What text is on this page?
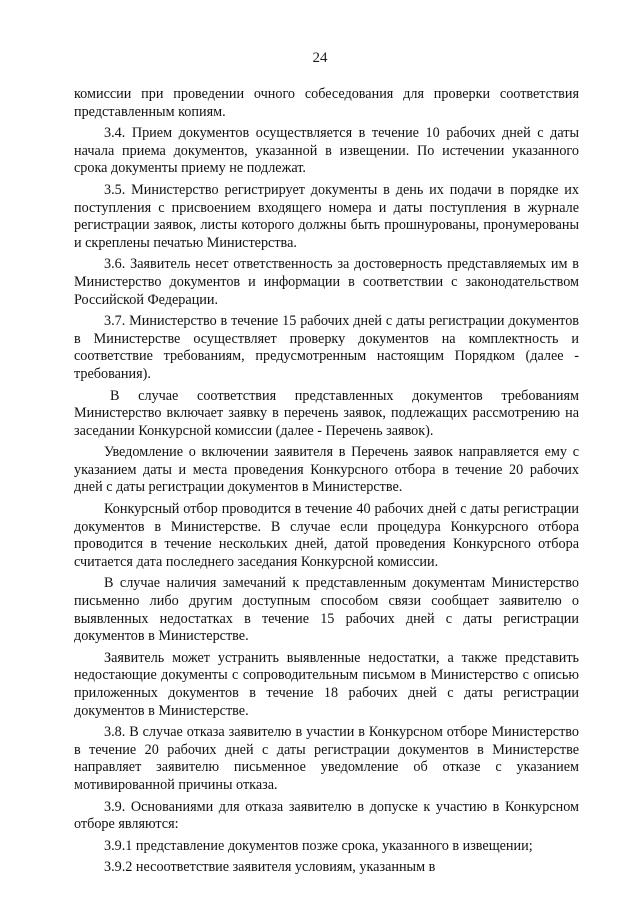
24

комиссии при проведении очного собеседования для проверки соответствия представленным копиям.

3.4. Прием документов осуществляется в течение 10 рабочих дней с даты начала приема документов, указанной в извещении. По истечении указанного срока документы приему не подлежат.

3.5. Министерство регистрирует документы в день их подачи в порядке их поступления с присвоением входящего номера и даты поступления в журнале регистрации заявок, листы которого должны быть прошнурованы, пронумерованы и скреплены печатью Министерства.

3.6. Заявитель несет ответственность за достоверность представляемых им в Министерство документов и информации в соответствии с законодательством Российской Федерации.

3.7. Министерство в течение 15 рабочих дней с даты регистрации документов в Министерстве осуществляет проверку документов на комплектность и соответствие требованиям, предусмотренным настоящим Порядком (далее - требования).

В случае соответствия представленных документов требованиям Министерство включает заявку в перечень заявок, подлежащих рассмотрению на заседании Конкурсной комиссии (далее - Перечень заявок).

Уведомление о включении заявителя в Перечень заявок направляется ему с указанием даты и места проведения Конкурсного отбора в течение 20 рабочих дней с даты регистрации документов в Министерстве.

Конкурсный отбор проводится в течение 40 рабочих дней с даты регистрации документов в Министерстве. В случае если процедура Конкурсного отбора проводится в течение нескольких дней, датой проведения Конкурсного отбора считается дата последнего заседания Конкурсной комиссии.

В случае наличия замечаний к представленным документам Министерство письменно либо другим доступным способом связи сообщает заявителю о выявленных недостатках в течение 15 рабочих дней с даты регистрации документов в Министерстве.

Заявитель может устранить выявленные недостатки, а также представить недостающие документы с сопроводительным письмом в Министерство с описью приложенных документов в течение 18 рабочих дней с даты регистрации документов в Министерстве.

3.8. В случае отказа заявителю в участии в Конкурсном отборе Министерство в течение 20 рабочих дней с даты регистрации документов в Министерстве направляет заявителю письменное уведомление об отказе с указанием мотивированной причины отказа.

3.9. Основаниями для отказа заявителю в допуске к участию в Конкурсном отборе являются:

3.9.1 представление документов позже срока, указанного в извещении;

3.9.2 несоответствие заявителя условиям, указанным в
